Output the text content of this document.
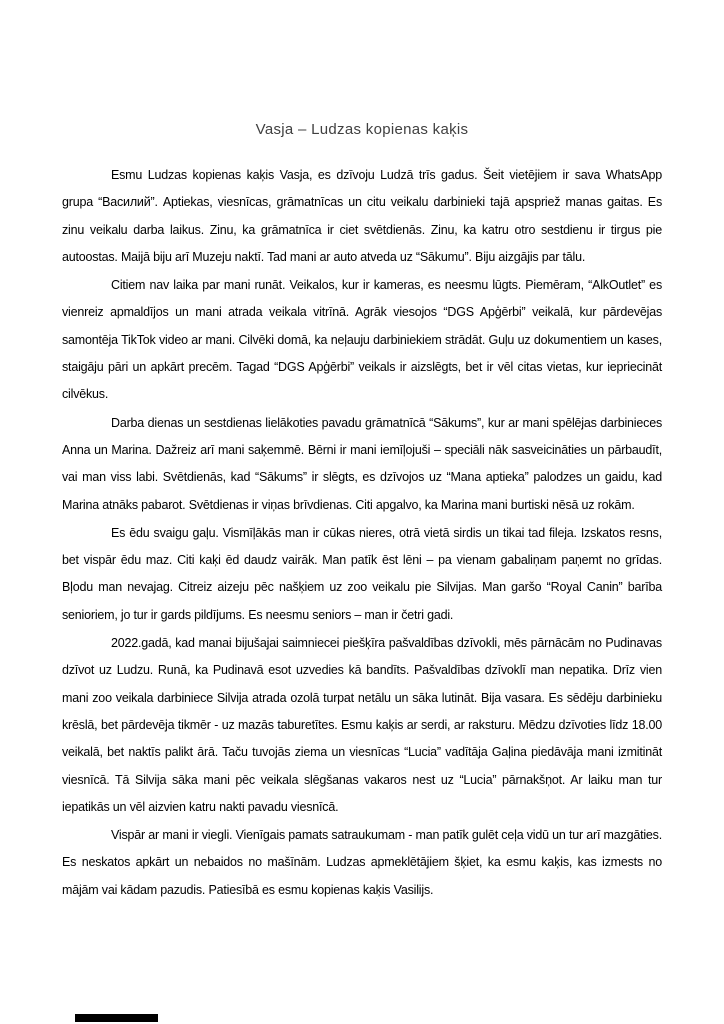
Vasja – Ludzas kopienas kaķis

Esmu Ludzas kopienas kaķis Vasja, es dzīvoju Ludzā trīs gadus. Šeit vietējiem ir sava WhatsApp grupa “Василий”. Aptiekas, viesnīcas, grāmatnīcas un citu veikalu darbinieki tajā apspriež manas gaitas. Es zinu veikalu darba laikus. Zinu, ka grāmatnīca ir ciet svētdienās. Zinu, ka katru otro sestdienu ir tirgus pie autoostas. Maijā biju arī Muzeju naktī. Tad mani ar auto atveda uz “Sākumu”. Biju aizgājis par tālu.

Citiem nav laika par mani runāt. Veikalos, kur ir kameras, es neesmu lūgts. Piemēram, “AlkOutlet” es vienreiz apmaldījos un mani atrada veikala vitrīnā. Agrāk viesojos “DGS Apģērbi” veikalā, kur pārdevējas samontēja TikTok video ar mani. Cilvēki domā, ka neļauju darbiniekiem strādāt. Guļu uz dokumentiem un kases, staigāju pāri un apkārt precēm. Tagad “DGS Apģērbi” veikals ir aizslēgts, bet ir vēl citas vietas, kur iepriecināt cilvēkus.

Darba dienas un sestdienas lielākoties pavadu grāmatnīcā “Sākums”, kur ar mani spēlējas darbinieces Anna un Marina. Dažreiz arī mani saķemmē. Bērni ir mani iemīļojuši – speciāli nāk sasveicināties un pārbaudīt, vai man viss labi. Svētdienās, kad “Sākums” ir slēgts, es dzīvojos uz “Mana aptieka” palodzes un gaidu, kad Marina atnāks pabarot. Svētdienas ir viņas brīvdienas. Citi apgalvo, ka Marina mani burtiski nēsā uz rokām.

Es ēdu svaigu gaļu. Vismīļākās man ir cūkas nieres, otrā vietā sirdis un tikai tad fileja. Izskatos resns, bet vispār ēdu maz. Citi kaķi ēd daudz vairāk. Man patīk ēst lēni – pa vienam gabaliņam paņemt no grīdas. Bļodu man nevajag. Citreiz aizeju pēc našķiem uz zoo veikalu pie Silvijas. Man garšo “Royal Canin” barība senioriem, jo tur ir gards pildījums. Es neesmu seniors – man ir četri gadi.

2022.gadā, kad manai bijušajai saimniecei piešķīra pašvaldības dzīvokli, mēs pārnācām no Pudinavas dzīvot uz Ludzu. Runā, ka Pudinavā esot uzvedies kā bandīts. Pašvaldības dzīvoklī man nepatika. Drīz vien mani zoo veikala darbiniece Silvija atrada ozolā turpat netālu un sāka lutināt. Bija vasara. Es sēdēju darbinieku krēslā, bet pārdevēja tikmēr - uz mazās taburetītes. Esmu kaķis ar serdi, ar raksturu. Mēdzu dzīvoties līdz 18.00 veikalā, bet naktīs palikt ārā. Taču tuvojās ziema un viesnīcas “Lucia” vadītāja Gaļina piedāvāja mani izmitināt viesnīcā. Tā Silvija sāka mani pēc veikala slēgšanas vakaros nest uz “Lucia” pārnakšņot. Ar laiku man tur iepatikās un vēl aizvien katru nakti pavadu viesnīcā.

Vispār ar mani ir viegli. Vienīgais pamats satraukumam - man patīk gulēt ceļa vidū un tur arī mazgāties. Es neskatos apkārt un nebaidos no mašīnām. Ludzas apmeklētājiem šķiet, ka esmu kaķis, kas izmests no mājām vai kādam pazudis. Patiesībā es esmu kopienas kaķis Vasilijs.
